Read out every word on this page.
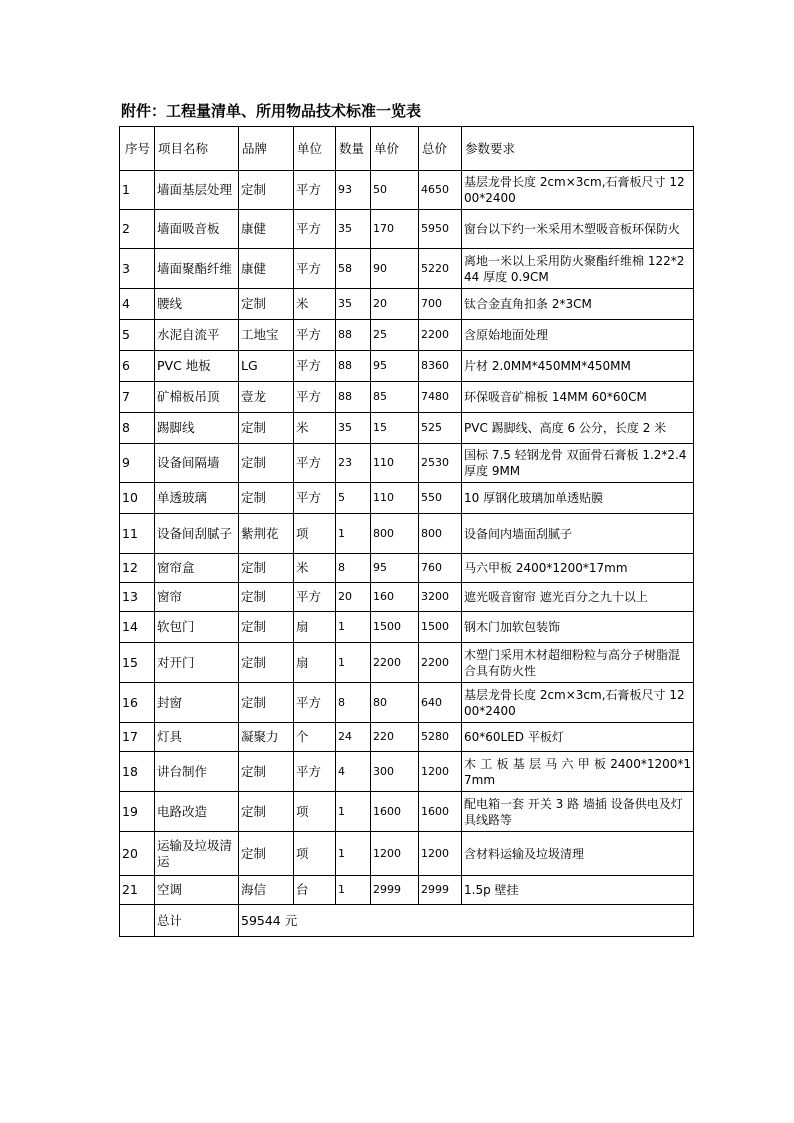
附件：工程量清单、所用物品技术标准一览表
序号	项目名称	品牌	单位	数量	单价	总价	参数要求
1	墙面基层处理	定制	平方	93	50	4650	基层龙骨长度 2cm×3cm,石膏板尺寸 1200*2400
2	墙面吸音板	康健	平方	35	170	5950	窗台以下约一米采用木塑吸音板环保防火
3	墙面聚酯纤维	康健	平方	58	90	5220	离地一米以上采用防火聚酯纤维棉 122*244 厚度 0.9CM
4	腰线	定制	米	35	20	700	钛合金直角扣条 2*3CM
5	水泥自流平	工地宝	平方	88	25	2200	含原始地面处理
6	PVC 地板	LG	平方	88	95	8360	片材 2.0MM*450MM*450MM
7	矿棉板吊顶	壹龙	平方	88	85	7480	环保吸音矿棉板 14MM 60*60CM
8	踢脚线	定制	米	35	15	525	PVC 踢脚线、高度 6 公分，长度 2 米
9	设备间隔墙	定制	平方	23	110	2530	国标 7.5 轻钢龙骨 双面骨石膏板 1.2*2.4 厚度 9MM
10	单透玻璃	定制	平方	5	110	550	10 厚钢化玻璃加单透贴膜
11	设备间刮腻子	紫荆花	项	1	800	800	设备间内墙面刮腻子
12	窗帘盒	定制	米	8	95	760	马六甲板 2400*1200*17mm
13	窗帘	定制	平方	20	160	3200	遮光吸音窗帘 遮光百分之九十以上
14	软包门	定制	扇	1	1500	1500	钢木门加软包装饰
15	对开门	定制	扇	1	2200	2200	木塑门采用木材超细粉粒与高分子树脂混合具有防火性
16	封窗	定制	平方	8	80	640	基层龙骨长度 2cm×3cm,石膏板尺寸 1200*2400
17	灯具	凝聚力	个	24	220	5280	60*60LED 平板灯
18	讲台制作	定制	平方	4	300	1200	木 工 板 基 层 马 六 甲 板 2400*1200*17mm
19	电路改造	定制	项	1	1600	1600	配电箱一套 开关 3 路 墙插 设备供电及灯具线路等
20	运输及垃圾清运	定制	项	1	1200	1200	含材料运输及垃圾清理
21	空调	海信	台	1	2999	2999	1.5p 壁挂
	总计	59544 元					
